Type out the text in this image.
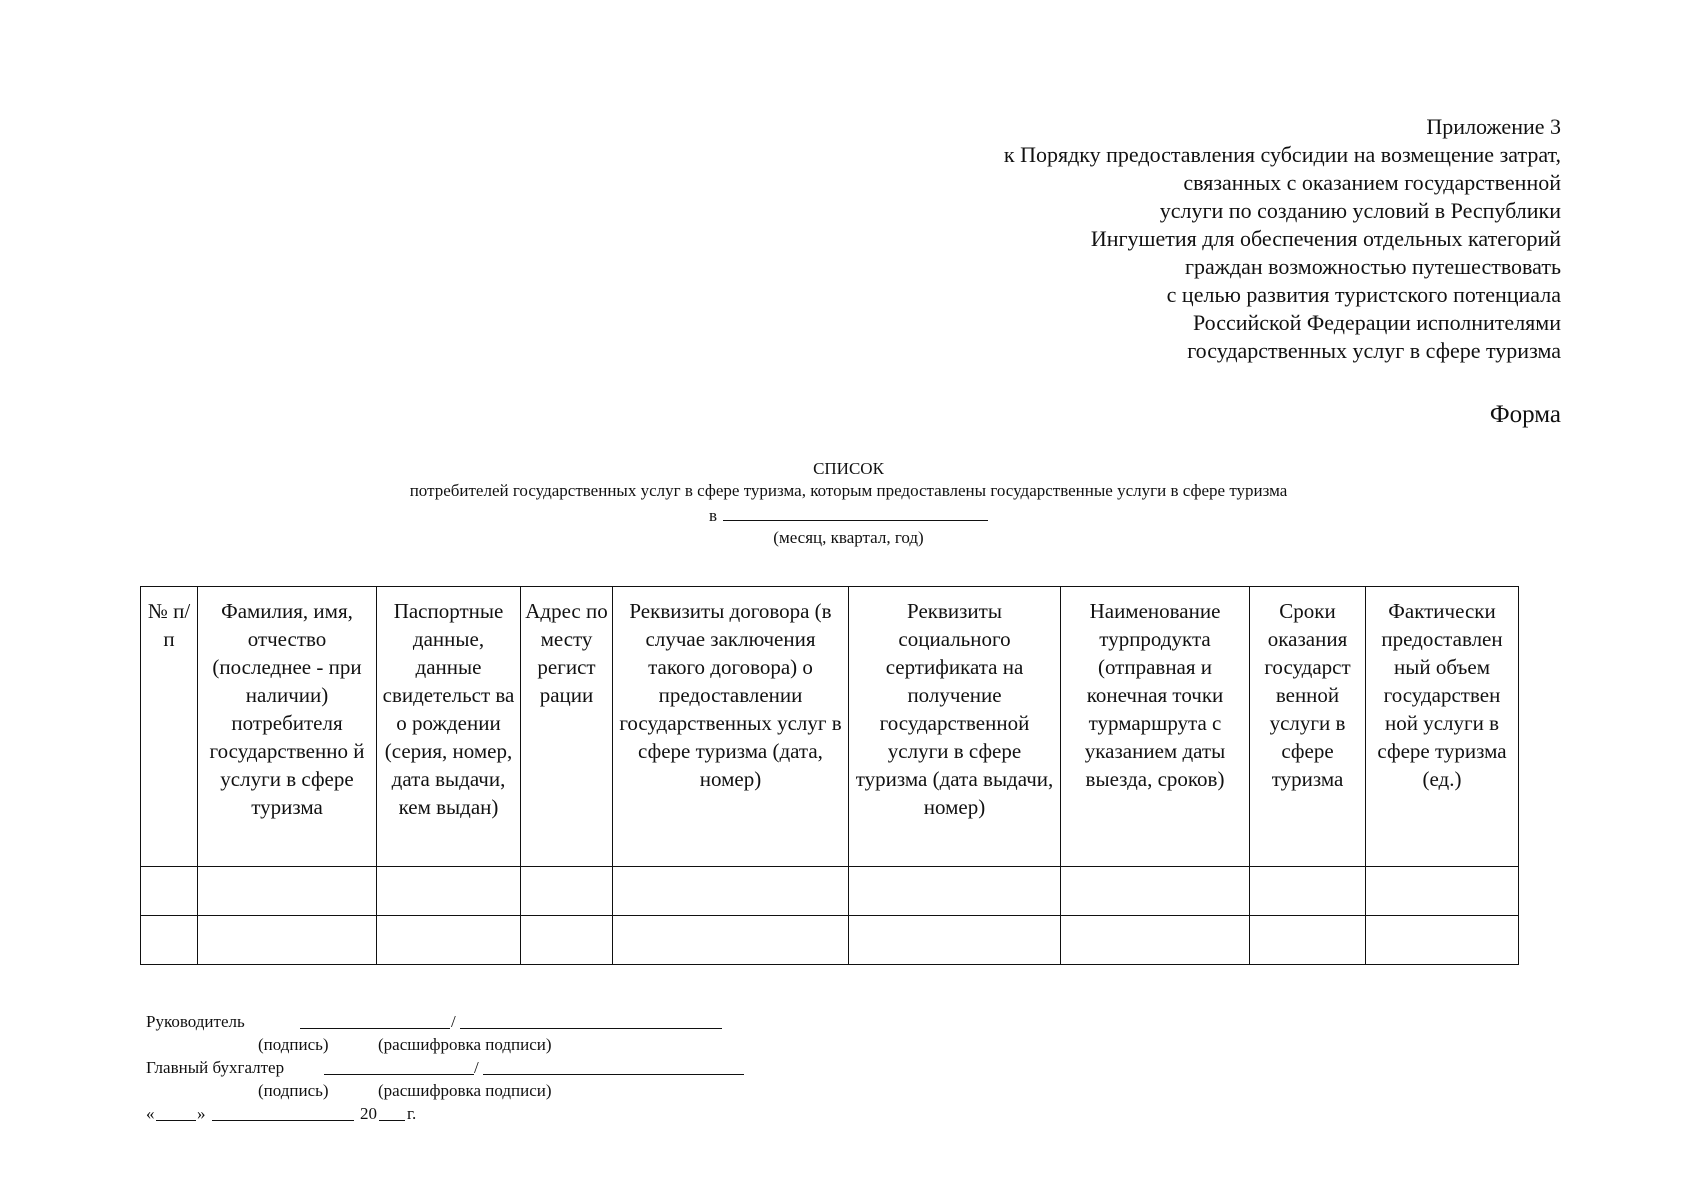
Приложение 3
к Порядку предоставления субсидии на возмещение затрат,
связанных с оказанием государственной
услуги по созданию условий в Республики
Ингушетия для обеспечения отдельных категорий
граждан возможностью путешествовать
с целью развития туристского потенциала
Российской Федерации исполнителями
государственных услуг в сфере туризма
Форма
СПИСОК
потребителей государственных услуг в сфере туризма, которым предоставлены государственные услуги в сфере туризма
в
(месяц, квартал, год)
№ п/п	Фамилия, имя, отчество (последнее - при наличии) потребителя государственно й услуги в сфере туризма	Паспортные данные, данные свидетельст ва о рождении (серия, номер, дата выдачи, кем выдан)	Адрес по месту регист рации	Реквизиты договора (в случае заключения такого договора) о предоставлении государственных услуг в сфере туризма (дата, номер)	Реквизиты социального сертификата на получение государственной услуги в сфере туризма (дата выдачи, номер)	Наименование турпродукта (отправная и конечная точки турмаршрута с указанием даты выезда, сроков)	Сроки оказания государст венной услуги в сфере туризма	Фактически предоставлен ный объем государствен ной услуги в сфере туризма (ед.)

Руководитель	/
(подпись)	(расшифровка подписи)
Главный бухгалтер	/
(подпись)	(расшифровка подписи)
«	»	20 г.
